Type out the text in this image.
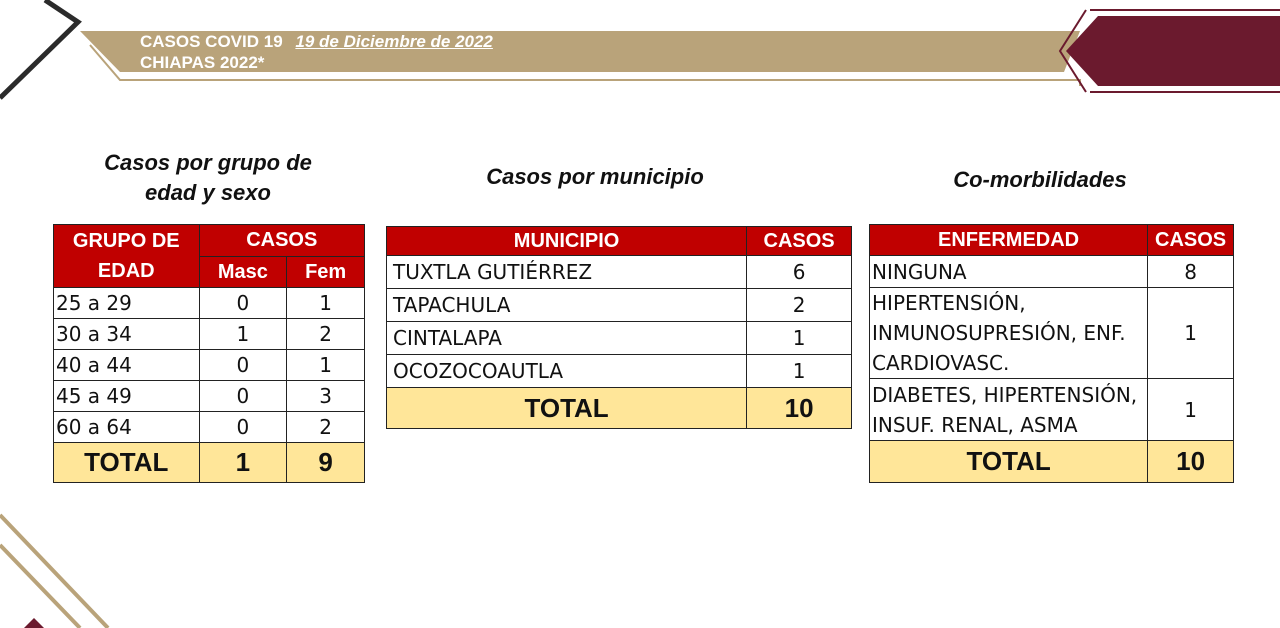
CASOS COVID 19 19 de Diciembre de 2022
CHIAPAS 2022*
Casos por grupo de edad y sexo
Casos por municipio	Co-morbilidades
GRUPO DE EDAD	CASOS	
	Masc	Fem
25 a 29	0	1
30 a 34	1	2
40 a 44	0	1
45 a 49	0	3
60 a 64	0	2
TOTAL	1	9
MUNICIPIO	CASOS
TUXTLA GUTIÉRREZ	6
TAPACHULA	2
CINTALAPA	1
OCOZOCOAUTLA	1
TOTAL	10
ENFERMEDAD	CASOS
NINGUNA	8
HIPERTENSIÓN, INMUNOSUPRESIÓN, ENF. CARDIOVASC.	1
DIABETES, HIPERTENSIÓN, INSUF. RENAL, ASMA	1
TOTAL	10
